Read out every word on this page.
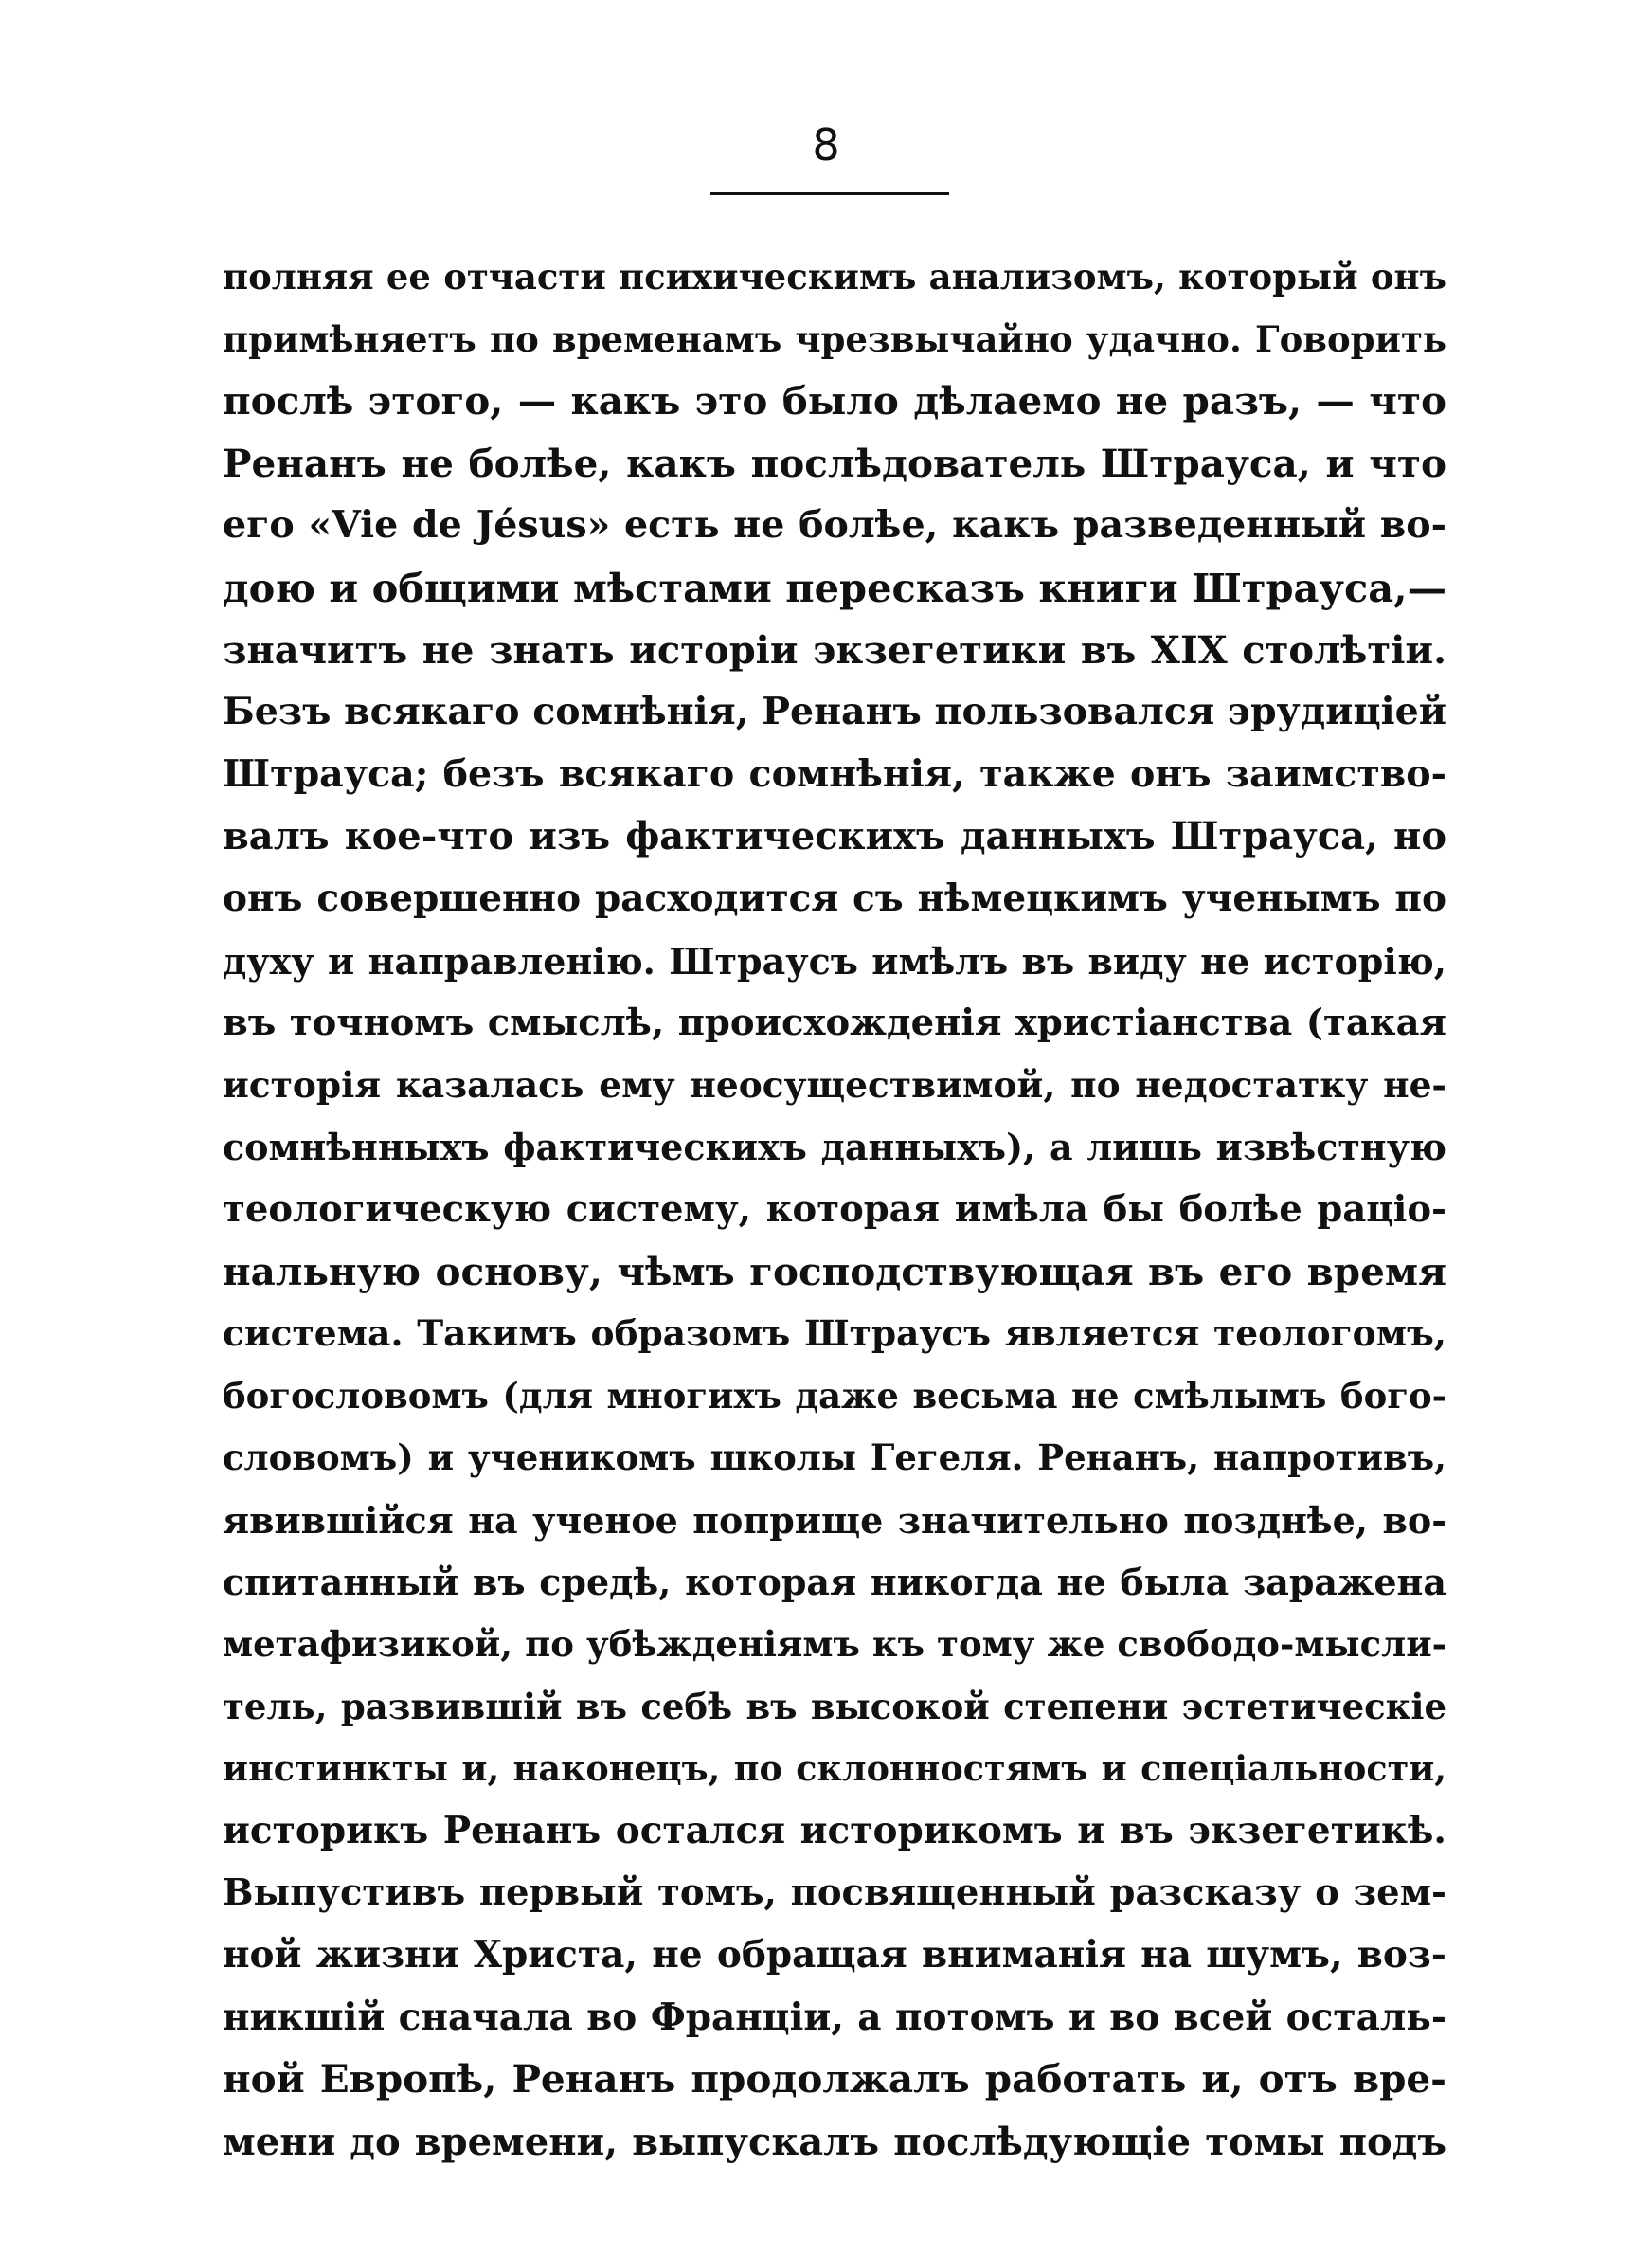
8
полняя ее отчасти психическимъ анализомъ, который онъ
примѣняетъ по временамъ чрезвычайно удачно. Говорить
послѣ этого, — какъ это было дѣлаемо не разъ, — что
Ренанъ не болѣе, какъ послѣдователь Штрауса, и что
его «Vie de Jésus» есть не болѣе, какъ разведенный во-
дою и общими мѣстами пересказъ книги Штрауса,—
значитъ не знать исторіи экзегетики въ XIX столѣтіи.
Безъ всякаго сомнѣнія, Ренанъ пользовался эрудиціей
Штрауса; безъ всякаго сомнѣнія, также онъ заимство-
валъ кое-что изъ фактическихъ данныхъ Штрауса, но
онъ совершенно расходится съ нѣмецкимъ ученымъ по
духу и направленію. Штраусъ имѣлъ въ виду не исторію,
въ точномъ смыслѣ, происхожденія христіанства (такая
исторія казалась ему неосуществимой, по недостатку не-
сомнѣнныхъ фактическихъ данныхъ), а лишь извѣстную
теологическую систему, которая имѣла бы болѣе раціо-
нальную основу, чѣмъ господствующая въ его время
система. Такимъ образомъ Штраусъ является теологомъ,
богословомъ (для многихъ даже весьма не смѣлымъ бого-
словомъ) и ученикомъ школы Гегеля. Ренанъ, напротивъ,
явившійся на ученое поприще значительно позднѣе, во-
спитанный въ средѣ, которая никогда не была заражена
метафизикой, по убѣжденіямъ къ тому же свободо-мысли-
тель, развившій въ себѣ въ высокой степени эстетическіе
инстинкты и, наконецъ, по склонностямъ и спеціальности,
историкъ Ренанъ остался историкомъ и въ экзегетикѣ.
Выпустивъ первый томъ, посвященный разсказу о зем-
ной жизни Христа, не обращая вниманія на шумъ, воз-
никшій сначала во Франціи, а потомъ и во всей осталь-
ной Европѣ, Ренанъ продолжалъ работать и, отъ вре-
мени до времени, выпускалъ послѣдующіе томы подъ
